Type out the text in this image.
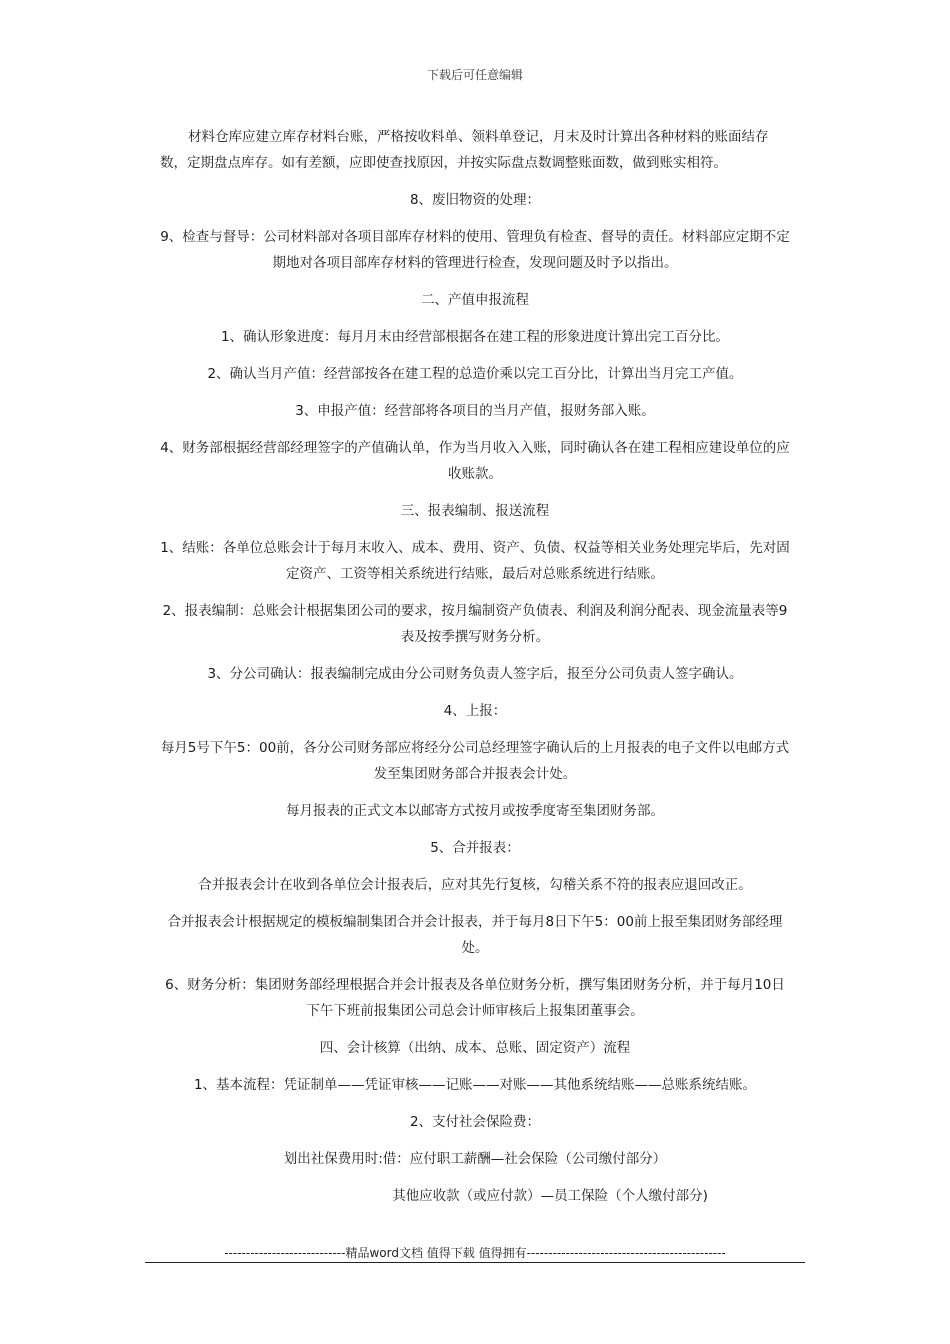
下载后可任意编辑

材料仓库应建立库存材料台账，严格按收料单、领料单登记，月末及时计算出各种材料的账面结存数，定期盘点库存。如有差额，应即使查找原因，并按实际盘点数调整账面数，做到账实相符。

8、废旧物资的处理：

9、检查与督导：公司材料部对各项目部库存材料的使用、管理负有检查、督导的责任。材料部应定期不定期地对各项目部库存材料的管理进行检查，发现问题及时予以指出。

二、产值申报流程

1、确认形象进度：每月月末由经营部根据各在建工程的形象进度计算出完工百分比。

2、确认当月产值：经营部按各在建工程的总造价乘以完工百分比，计算出当月完工产值。

3、申报产值：经营部将各项目的当月产值，报财务部入账。

4、财务部根据经营部经理签字的产值确认单，作为当月收入入账，同时确认各在建工程相应建设单位的应收账款。

三、报表编制、报送流程

1、结账：各单位总账会计于每月末收入、成本、费用、资产、负债、权益等相关业务处理完毕后，先对固定资产、工资等相关系统进行结账，最后对总账系统进行结账。

2、报表编制：总账会计根据集团公司的要求，按月编制资产负债表、利润及利润分配表、现金流量表等9表及按季撰写财务分析。

3、分公司确认：报表编制完成由分公司财务负责人签字后，报至分公司负责人签字确认。

4、上报：

每月5号下午5：00前，各分公司财务部应将经分公司总经理签字确认后的上月报表的电子文件以电邮方式发至集团财务部合并报表会计处。

每月报表的正式文本以邮寄方式按月或按季度寄至集团财务部。

5、合并报表：

合并报表会计在收到各单位会计报表后，应对其先行复核，勾稽关系不符的报表应退回改正。

合并报表会计根据规定的模板编制集团合并会计报表，并于每月8日下午5：00前上报至集团财务部经理处。

6、财务分析：集团财务部经理根据合并会计报表及各单位财务分析，撰写集团财务分析，并于每月10日下午下班前报集团公司总会计师审核后上报集团董事会。

四、会计核算（出纳、成本、总账、固定资产）流程

1、基本流程：凭证制单——凭证审核——记账——对账——其他系统结账——总账系统结账。

2、支付社会保险费：

划出社保费用时:借：应付职工薪酬—社会保险（公司缴付部分）

其他应收款（或应付款）—员工保险（个人缴付部分)

----------------------------精品word文档 值得下载 值得拥有----------------------------------------------
